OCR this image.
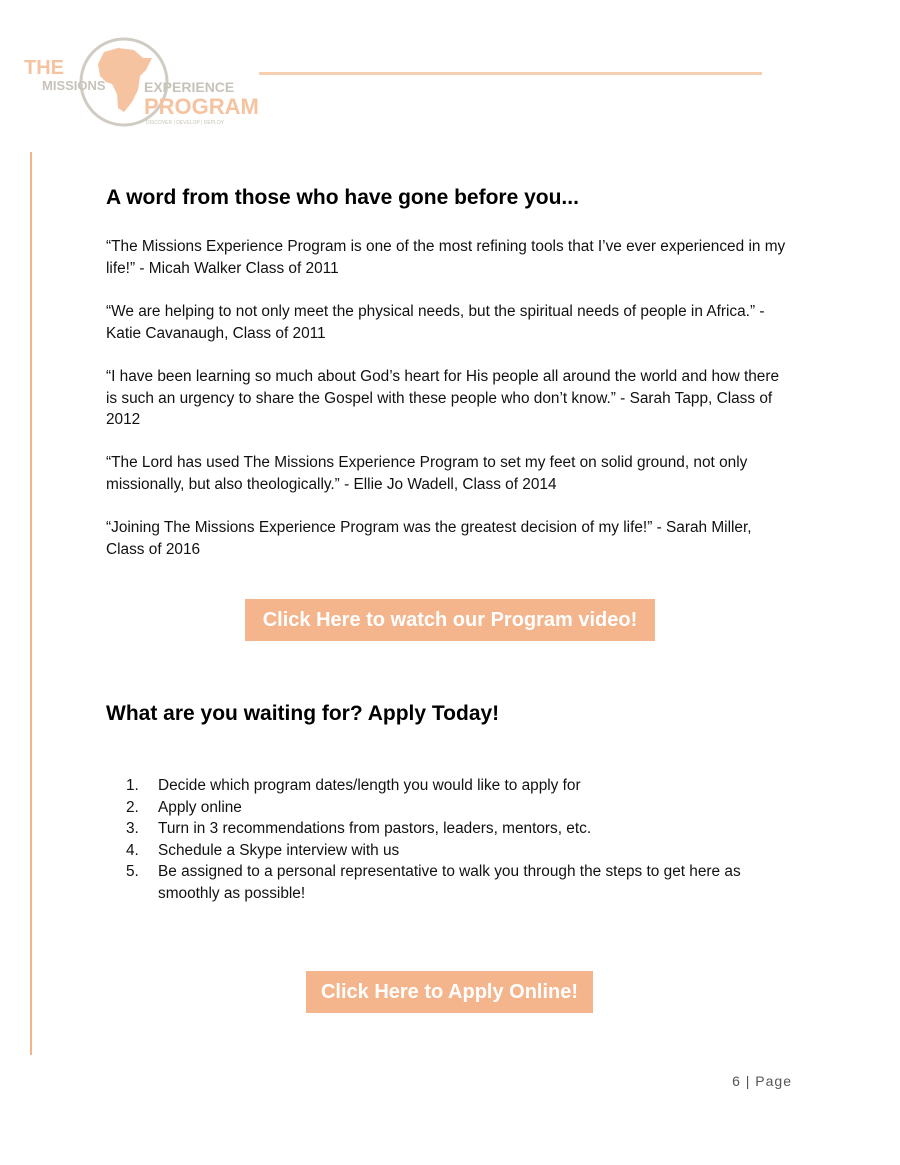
THE
MISSIONS	EXPERIENCE
PROGRAM
DISCOVER | DEVELOP | DEPLOY
A word from those who have gone before you...

“The Missions Experience Program is one of the most refining tools that I’ve ever experienced in my life!” - Micah Walker Class of 2011

“We are helping to not only meet the physical needs, but the spiritual needs of people in Africa.” - Katie Cavanaugh, Class of 2011

“I have been learning so much about God’s heart for His people all around the world and how there is such an urgency to share the Gospel with these people who don’t know.” - Sarah Tapp, Class of 2012

“The Lord has used The Missions Experience Program to set my feet on solid ground, not only missionally, but also theologically.” - Ellie Jo Wadell, Class of 2014

“Joining The Missions Experience Program was the greatest decision of my life!” - Sarah Miller, Class of 2016

What are you waiting for? Apply Today!
Click Here to watch our Program video!
1. Decide which program dates/length you would like to apply for
2. Apply online
3. Turn in 3 recommendations from pastors, leaders, mentors, etc.
4. Schedule a Skype interview with us
5. Be assigned to a personal representative to walk you through the steps to get here as smoothly as possible!
Click Here to Apply Online!
6 | Page
